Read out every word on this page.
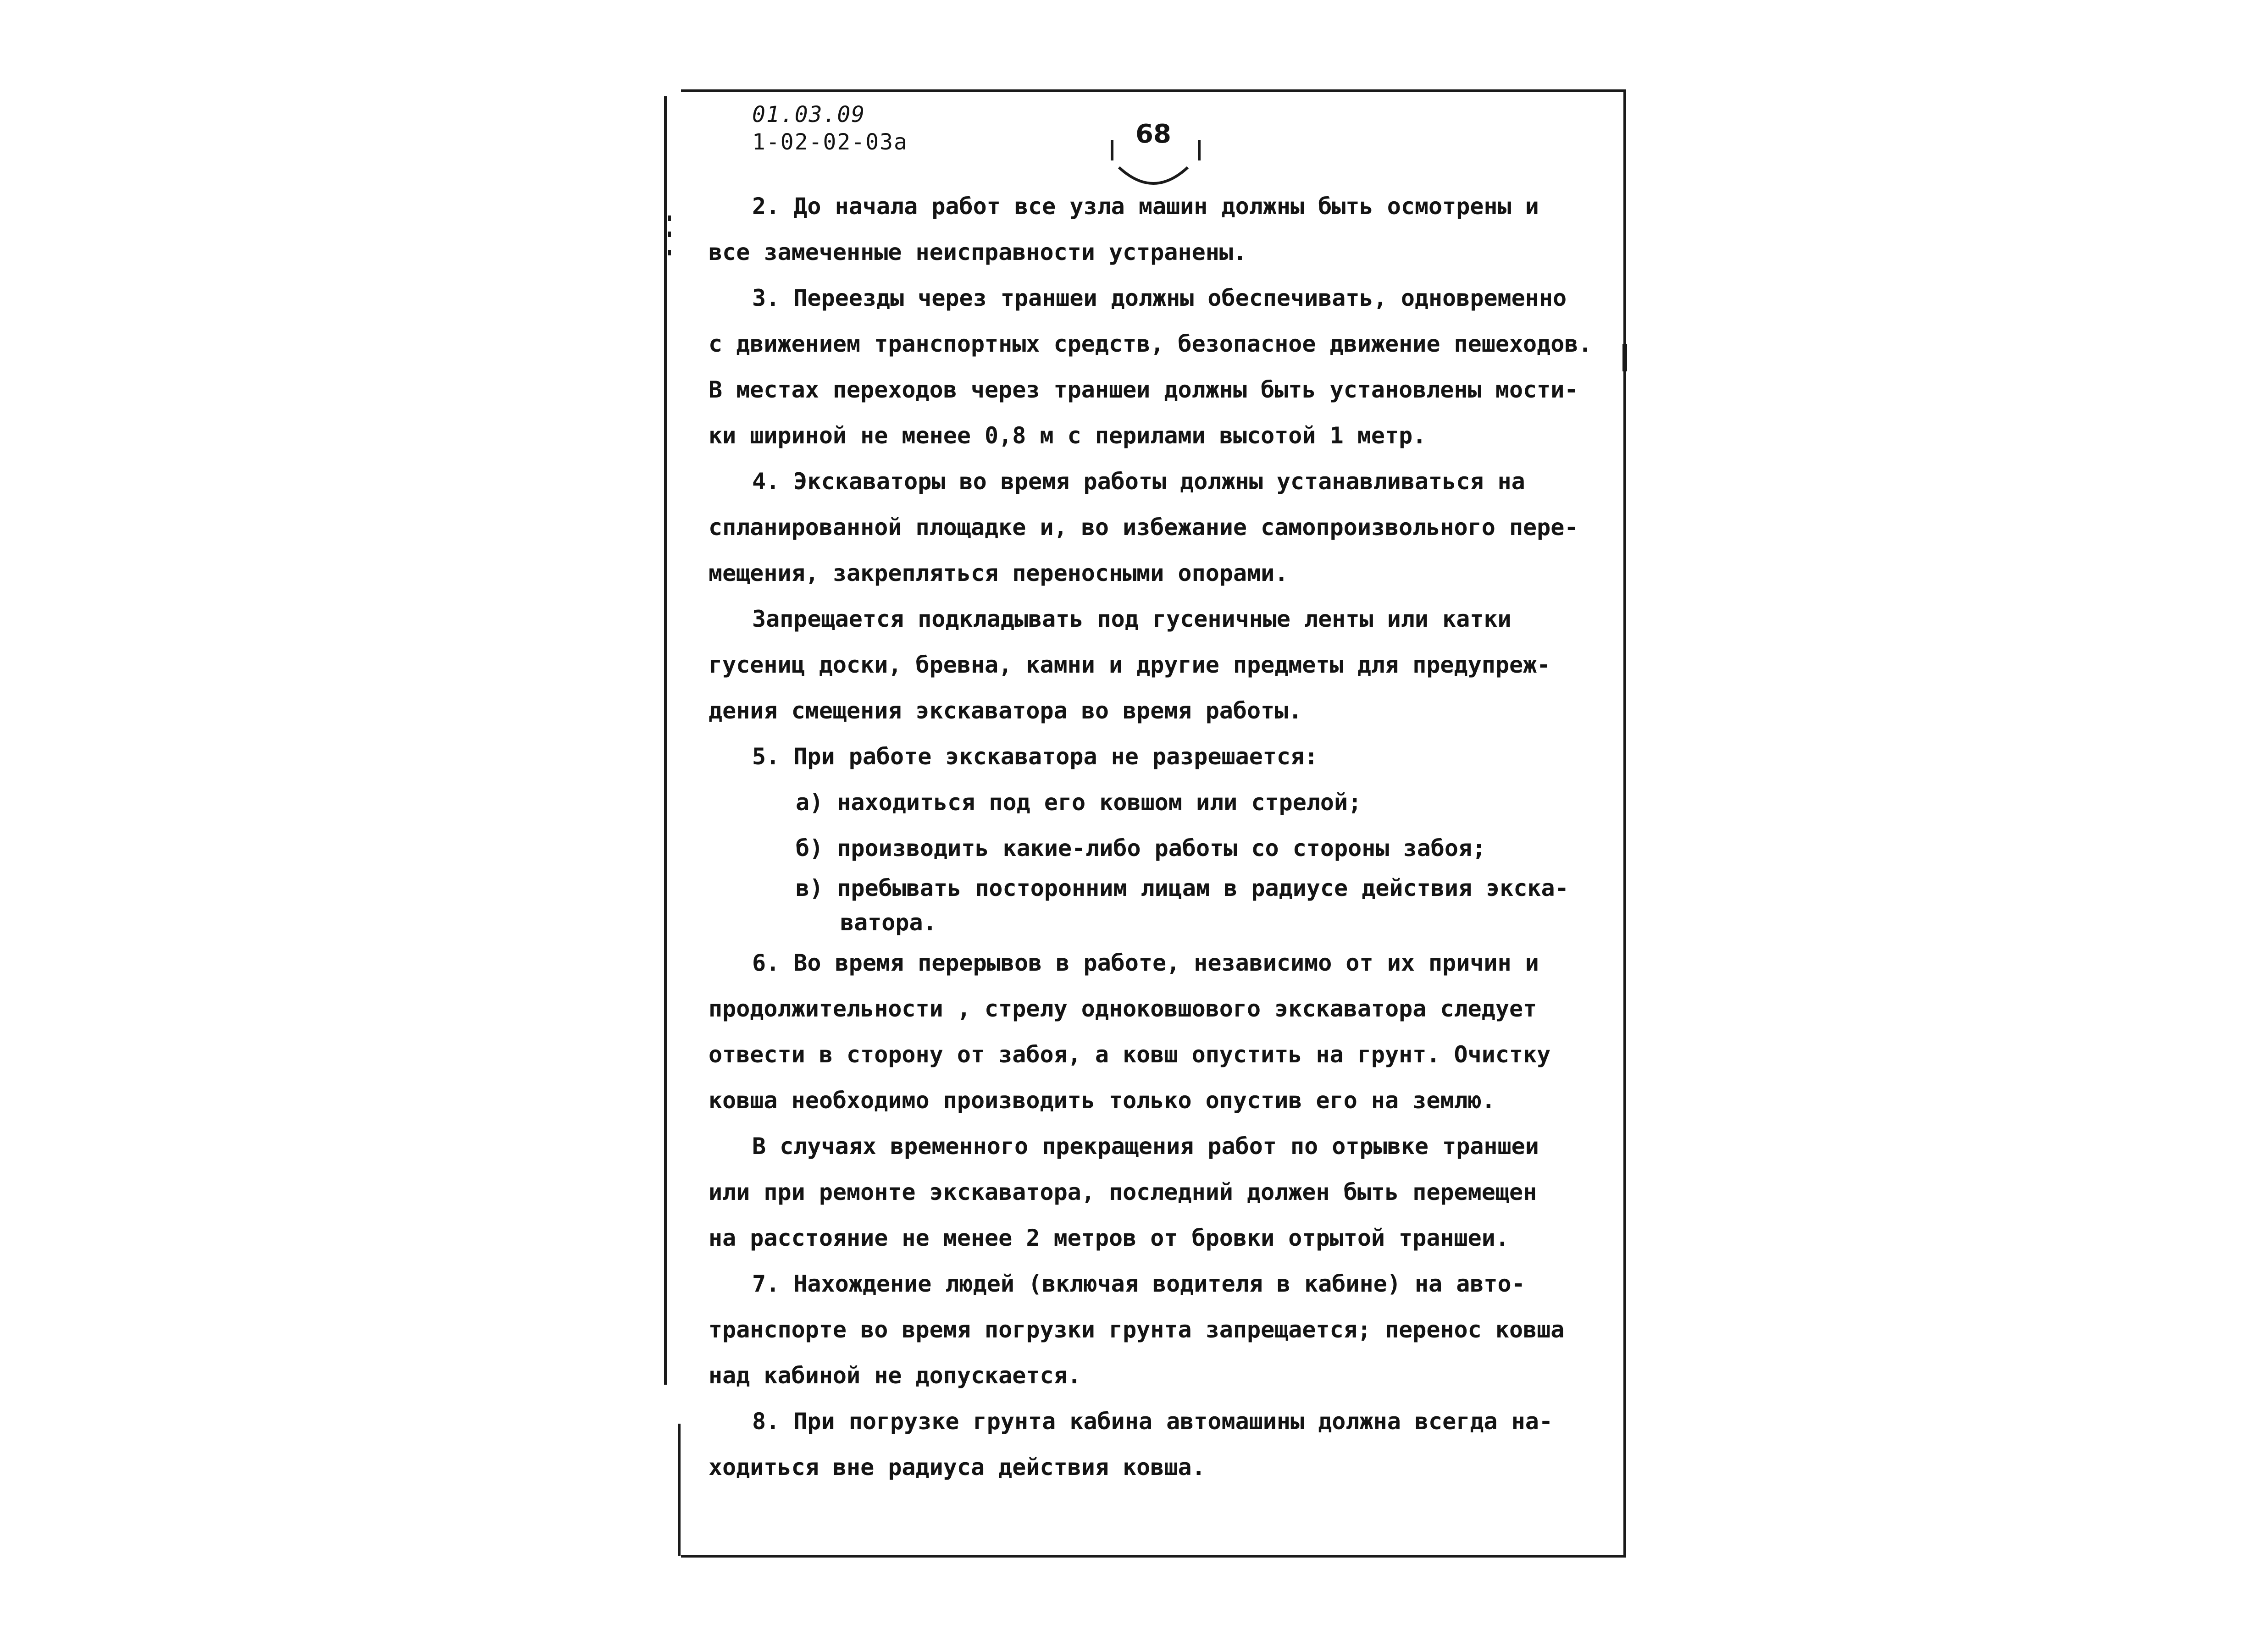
01.03.09
1-02-02-03а	68
2. До начала работ все узла машин должны быть осмотрены и
все замеченные неисправности устранены.
3. Переезды через траншеи должны обеспечивать, одновременно
с движением транспортных средств, безопасное движение пешеходов.
В местах переходов через траншеи должны быть установлены мости-
ки шириной не менее 0,8 м с перилами высотой 1 метр.
4. Экскаваторы во время работы должны устанавливаться на
спланированной площадке и, во избежание самопроизвольного пере-
мещения, закрепляться переносными опорами.
Запрещается подкладывать под гусеничные ленты или катки
гусениц доски, бревна, камни и другие предметы для предупреж-
дения смещения экскаватора во время работы.
5. При работе экскаватора не разрешается:
а) находиться под его ковшом или стрелой;
б) производить какие-либо работы со стороны забоя;
в) пребывать посторонним лицам в радиусе действия экска-
ватора.
6. Во время перерывов в работе, независимо от их причин и
продолжительности , стрелу одноковшового экскаватора следует
отвести в сторону от забоя, а ковш опустить на грунт. Очистку
ковша необходимо производить только опустив его на землю.
В случаях временного прекращения работ по отрывке траншеи
или при ремонте экскаватора, последний должен быть перемещен
на расстояние не менее 2 метров от бровки отрытой траншеи.
7. Нахождение людей (включая водителя в кабине) на авто-
транспорте во время погрузки грунта запрещается; перенос ковша
над кабиной не допускается.
8. При погрузке грунта кабина автомашины должна всегда на-
ходиться вне радиуса действия ковша.
